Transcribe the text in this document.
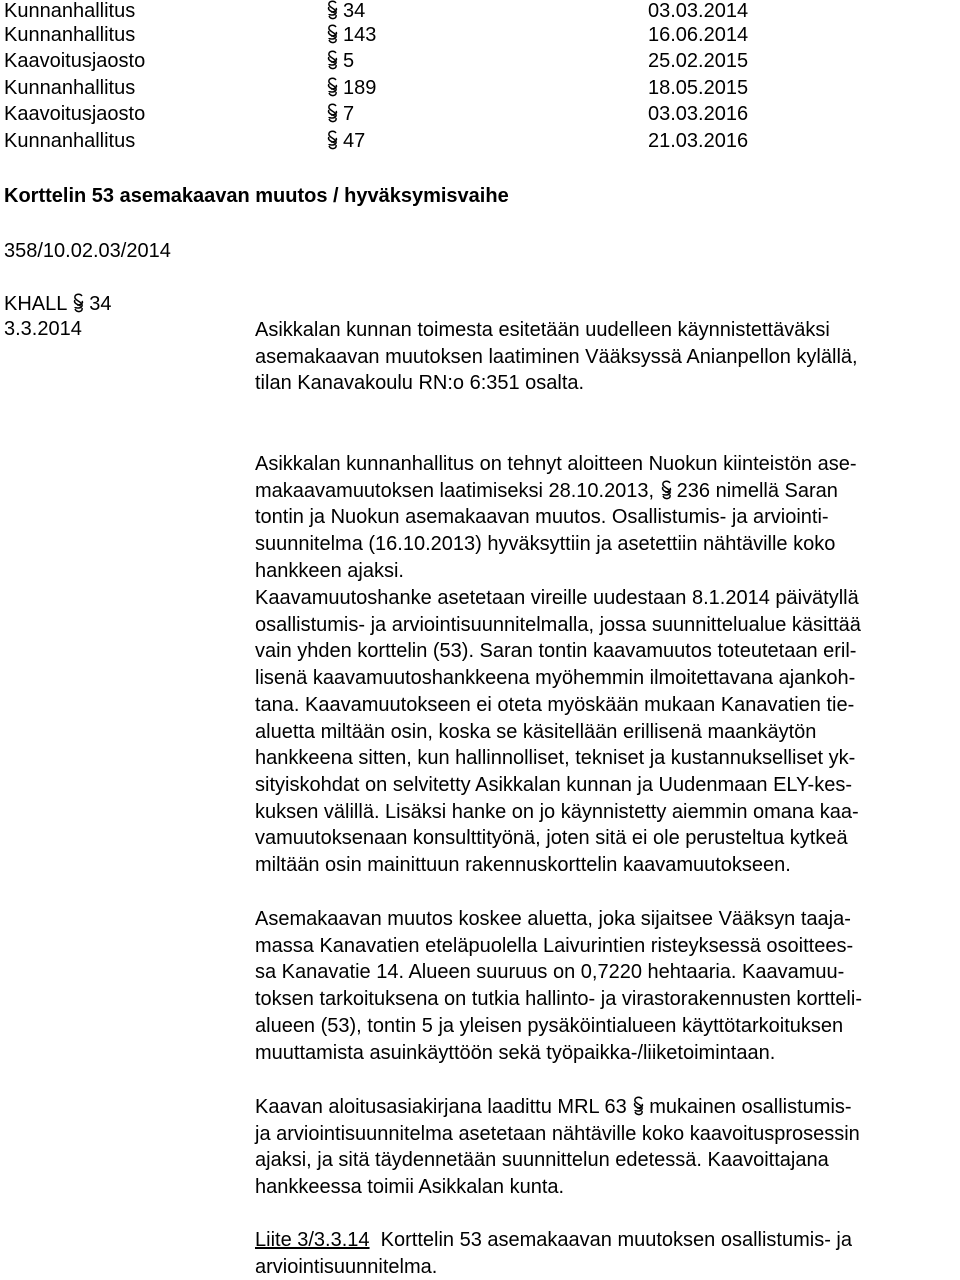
Kunnanhallitus	34	03.03.2014
Kunnanhallitus	143	16.06.2014
Kaavoitusjaosto	5	25.02.2015
Kunnanhallitus	189	18.05.2015
Kaavoitusjaosto	7	03.03.2016
Kunnanhallitus	47	21.03.2016
Korttelin 53 asemakaavan muutos / hyväksymisvaihe
358/10.02.03/2014
KHALL 34
3.3.2014	Asikkalan kunnan toimesta esitetään uudelleen käynnistettäväksi
asemakaavan muutoksen laatiminen Vääksyssä Anianpellon kylällä,
tilan Kanavakoulu RN:o 6:351 osalta.
Asikkalan kunnanhallitus on tehnyt aloitteen Nuokun kiinteistön ase-
makaavamuutoksen laatimiseksi 28.10.2013,
236 nimellä Saran
tontin ja Nuokun asemakaavan muutos. Osallistumis- ja arviointi-
suunnitelma (16.10.2013) hyväksyttiin ja asetettiin nähtäville koko
hankkeen ajaksi.
Kaavamuutoshanke asetetaan vireille uudestaan 8.1.2014 päivätyllä
osallistumis- ja arviointisuunnitelmalla, jossa suunnittelualue käsittää
vain yhden korttelin (53). Saran tontin kaavamuutos toteutetaan eril-
lisenä kaavamuutoshankkeena myöhemmin ilmoitettavana ajankoh-
tana. Kaavamuutokseen ei oteta myöskään mukaan Kanavatien tie-
aluetta miltään osin, koska se käsitellään erillisenä maankäytön
hankkeena sitten, kun hallinnolliset, tekniset ja kustannukselliset yk-
sityiskohdat on selvitetty Asikkalan kunnan ja Uudenmaan ELY-kes-
kuksen välillä. Lisäksi hanke on jo käynnistetty aiemmin omana kaa-
vamuutoksenaan konsulttityönä, joten sitä ei ole perusteltua kytkeä
miltään osin mainittuun rakennuskorttelin kaavamuutokseen.
Asemakaavan muutos koskee aluetta, joka sijaitsee Vääksyn taaja-
massa Kanavatien eteläpuolella Laivurintien risteyksessä osoittees-
sa Kanavatie 14. Alueen suuruus on 0,7220 hehtaaria. Kaavamuu-
toksen tarkoituksena on tutkia hallinto- ja virastorakennusten kortteli-
alueen (53), tontin 5 ja yleisen pysäköintialueen käyttötarkoituksen
muuttamista asuinkäyttöön sekä työpaikka-/liiketoimintaan.
Kaavan aloitusasiakirjana laadittu MRL 63
mukainen osallistumis-
ja arviointisuunnitelma asetetaan nähtäville koko kaavoitusprosessin
ajaksi, ja sitä täydennetään suunnittelun edetessä. Kaavoittajana
hankkeessa toimii Asikkalan kunta.
Liite 3/3.3.14 Korttelin 53 asemakaavan muutoksen osallistumis- ja
arviointisuunnitelma.
